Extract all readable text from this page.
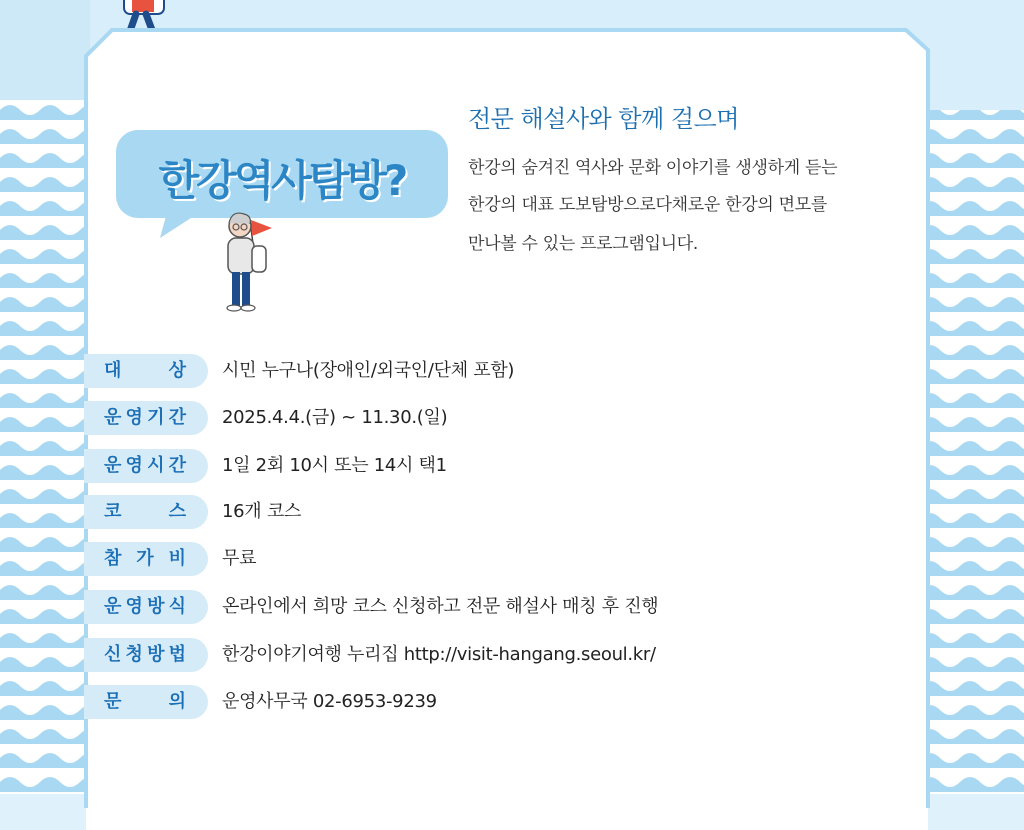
한강역사탐방?
전문 해설사와 함께 걸으며
한강의 숨겨진 역사와 문화 이야기를 생생하게 듣는
한강의 대표 도보탐방으로다채로운 한강의 면모를
만나볼 수 있는 프로그램입니다.
대	상 시민 누구나(장애인/외국인/단체 포함)
운 영 기 간 2025.4.4.(금) ~ 11.30.(일)
운 영 시 간 1일 2회 10시 또는 14시 택1
코	스 16개 코스
참 가 비 무료
운 영 방 식 온라인에서 희망 코스 신청하고 전문 해설사 매칭 후 진행
신 청 방 법 한강이야기여행 누리집 http://visit-hangang.seoul.kr/
문	의 운영사무국 02-6953-9239
